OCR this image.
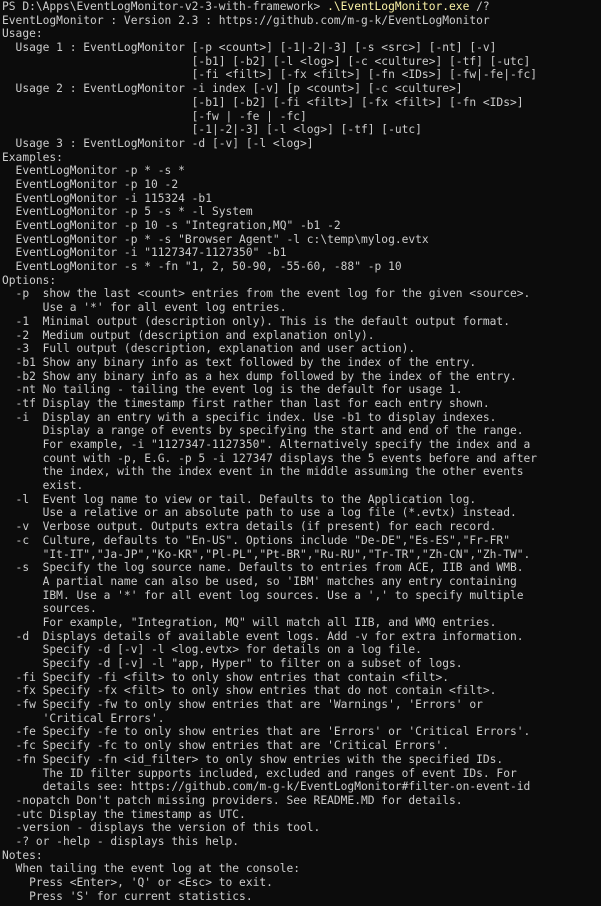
PS D:\Apps\EventLogMonitor-v2-3-with-framework> .\EventLogMonitor.exe /?
EventLogMonitor : Version 2.3 : https://github.com/m-g-k/EventLogMonitor
Usage:
Usage 1 : EventLogMonitor [-p <count>] [-1|-2|-3] [-s <src>] [-nt] [-v]
[-b1] [-b2] [-l <log>] [-c <culture>] [-tf] [-utc]
[-fi <filt>] [-fx <filt>] [-fn <IDs>] [-fw|-fe|-fc]
Usage 2 : EventLogMonitor -i index [-v] [p <count>] [-c <culture>]
[-b1] [-b2] [-fi <filt>] [-fx <filt>] [-fn <IDs>]
[-fw | -fe | -fc]
[-1|-2|-3] [-l <log>] [-tf] [-utc]
Usage 3 : EventLogMonitor -d [-v] [-l <log>]
Examples:
EventLogMonitor -p * -s *
EventLogMonitor -p 10 -2
EventLogMonitor -i 115324 -b1
EventLogMonitor -p 5 -s * -l System
EventLogMonitor -p 10 -s "Integration,MQ" -b1 -2
EventLogMonitor -p * -s "Browser Agent" -l c:\temp\mylog.evtx
EventLogMonitor -i "1127347-1127350" -b1
EventLogMonitor -s * -fn "1, 2, 50-90, -55-60, -88" -p 10
Options:
-p  show the last <count> entries from the event log for the given <source>.
Use a '*' for all event log entries.
-1  Minimal output (description only). This is the default output format.
-2  Medium output (description and explanation only).
-3  Full output (description, explanation and user action).
-b1 Show any binary info as text followed by the index of the entry.
-b2 Show any binary info as a hex dump followed by the index of the entry.
-nt No tailing - tailing the event log is the default for usage 1.
-tf Display the timestamp first rather than last for each entry shown.
-i  Display an entry with a specific index. Use -b1 to display indexes.
Display a range of events by specifying the start and end of the range.
For example, -i "1127347-1127350". Alternatively specify the index and a
count with -p, E.G. -p 5 -i 127347 displays the 5 events before and after
the index, with the index event in the middle assuming the other events
exist.
-l  Event log name to view or tail. Defaults to the Application log.
Use a relative or an absolute path to use a log file (*.evtx) instead.
-v  Verbose output. Outputs extra details (if present) for each record.
-c  Culture, defaults to "En-US". Options include "De-DE","Es-ES","Fr-FR"
"It-IT","Ja-JP","Ko-KR","Pl-PL","Pt-BR","Ru-RU","Tr-TR","Zh-CN","Zh-TW".
-s  Specify the log source name. Defaults to entries from ACE, IIB and WMB.
A partial name can also be used, so 'IBM' matches any entry containing
IBM. Use a '*' for all event log sources. Use a ',' to specify multiple
sources.
For example, "Integration, MQ" will match all IIB, and WMQ entries.
-d  Displays details of available event logs. Add -v for extra information.
Specify -d [-v] -l <log.evtx> for details on a log file.
Specify -d [-v] -l "app, Hyper" to filter on a subset of logs.
-fi Specify -fi <filt> to only show entries that contain <filt>.
-fx Specify -fx <filt> to only show entries that do not contain <filt>.
-fw Specify -fw to only show entries that are 'Warnings', 'Errors' or
'Critical Errors'.
-fe Specify -fe to only show entries that are 'Errors' or 'Critical Errors'.
-fc Specify -fc to only show entries that are 'Critical Errors'.
-fn Specify -fn <id_filter> to only show entries with the specified IDs.
The ID filter supports included, excluded and ranges of event IDs. For
details see: https://github.com/m-g-k/EventLogMonitor#filter-on-event-id
-nopatch Don't patch missing providers. See README.MD for details.
-utc Display the timestamp as UTC.
-version - displays the version of this tool.
-? or -help - displays this help.
Notes:
When tailing the event log at the console:
Press <Enter>, 'Q' or <Esc> to exit.
Press 'S' for current statistics.
